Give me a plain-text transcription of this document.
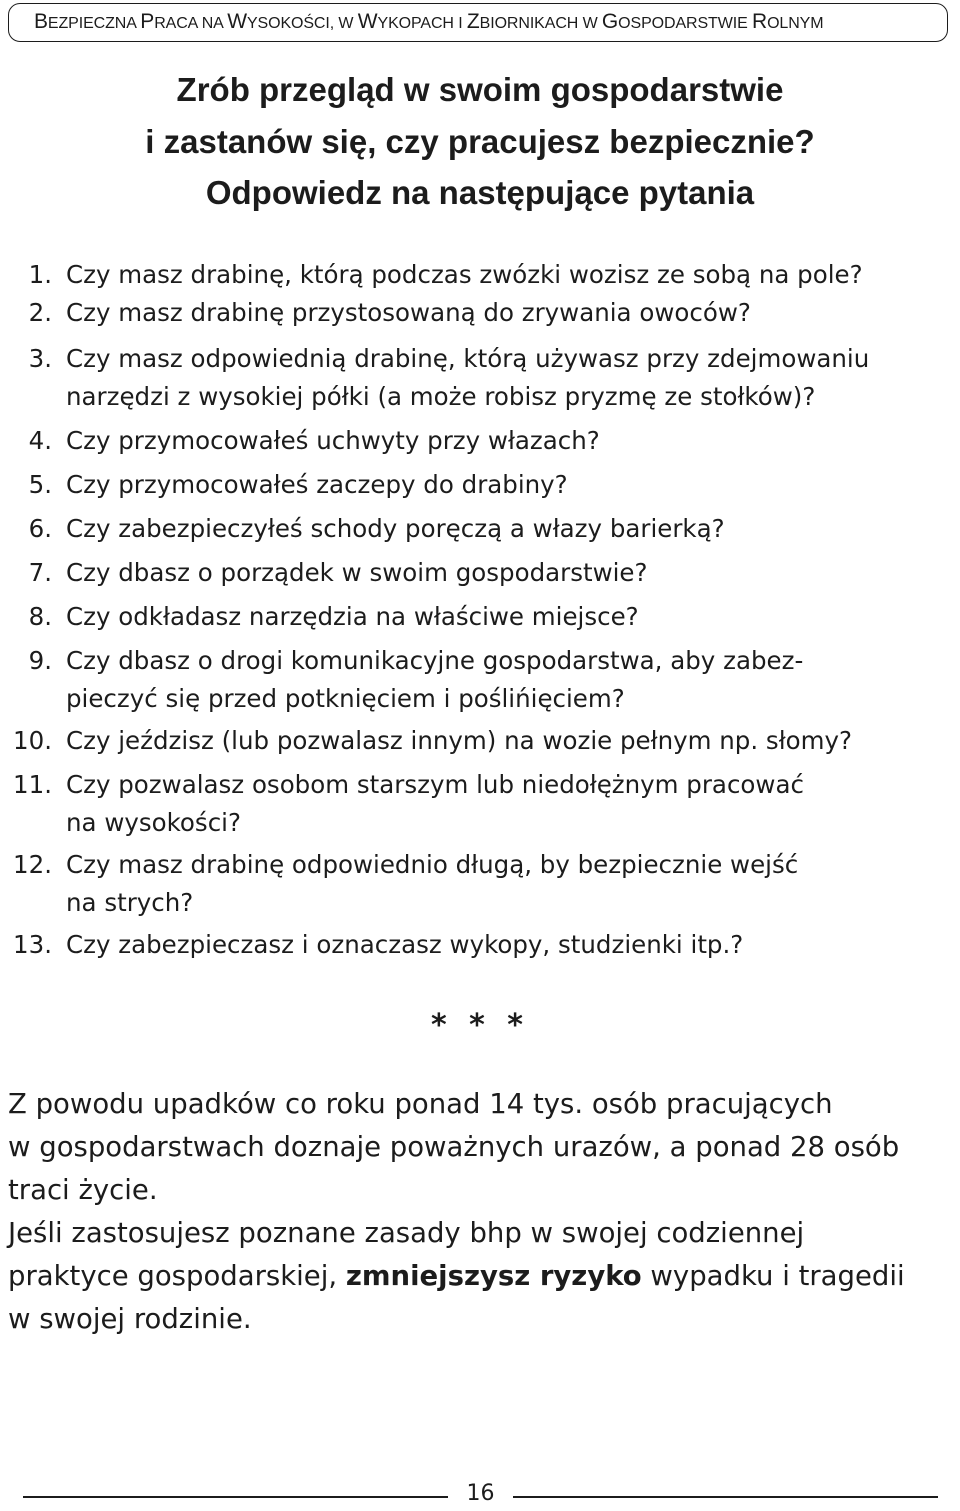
BEZPIECZNA PRACA NA WYSOKOŚCI, W WYKOPACH I ZBIORNIKACH W GOSPODARSTWIE ROLNYM
Zrób przegląd w swoim gospodarstwie
i zastanów się, czy pracujesz bezpiecznie?
Odpowiedz na następujące pytania
1. Czy masz drabinę, którą podczas zwózki wozisz ze sobą na pole?
2. Czy masz drabinę przystosowaną do zrywania owoców?
3. Czy masz odpowiednią drabinę, którą używasz przy zdejmowaniu
narzędzi z wysokiej półki (a może robisz pryzmę ze stołków)?
4. Czy przymocowałeś uchwyty przy włazach?
5. Czy przymocowałeś zaczepy do drabiny?
6. Czy zabezpieczyłeś schody poręczą a włazy barierką?
7. Czy dbasz o porządek w swoim gospodarstwie?
8. Czy odkładasz narzędzia na właściwe miejsce?
9. Czy dbasz o drogi komunikacyjne gospodarstwa, aby zabez-
pieczyć się przed potknięciem i poślińięciem?
10. Czy jeździsz (lub pozwalasz innym) na wozie pełnym np. słomy?
11. Czy pozwalasz osobom starszym lub niedołężnym pracować
na wysokości?
12. Czy masz drabinę odpowiednio długą, by bezpiecznie wejść
na strych?
13. Czy zabezpieczasz i oznaczasz wykopy, studzienki itp.?
* * *

Z powodu upadków co roku ponad 14 tys. osób pracujących
w gospodarstwach doznaje poważnych urazów, a ponad 28 osób
traci życie.

Jeśli zastosujesz poznane zasady bhp w swojej codziennej
praktyce gospodarskiej, zmniejszysz ryzyko wypadku i tragedii
w swojej rodzinie.

16
